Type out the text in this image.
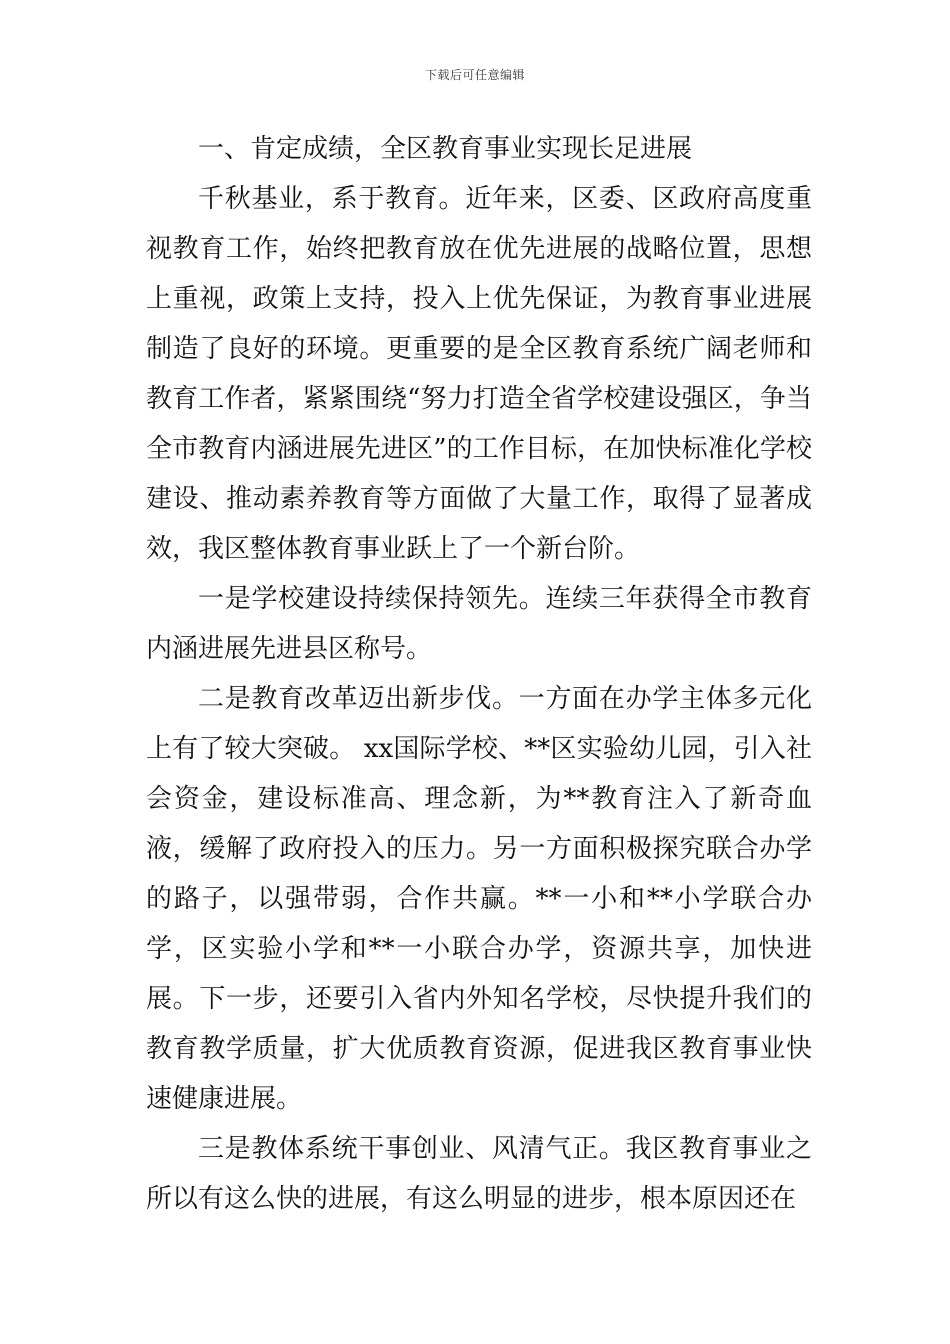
下载后可任意编辑

一、肯定成绩，全区教育事业实现长足进展

千秋基业，系于教育。近年来，区委、区政府高度重视教育工作，始终把教育放在优先进展的战略位置，思想上重视，政策上支持，投入上优先保证，为教育事业进展制造了良好的环境。更重要的是全区教育系统广阔老师和教育工作者，紧紧围绕“努力打造全省学校建设强区，争当全市教育内涵进展先进区”的工作目标，在加快标准化学校建设、推动素养教育等方面做了大量工作，取得了显著成效，我区整体教育事业跃上了一个新台阶。

一是学校建设持续保持领先。连续三年获得全市教育内涵进展先进县区称号。

二是教育改革迈出新步伐。一方面在办学主体多元化上有了较大突破。 xx国际学校、**区实验幼儿园，引入社会资金，建设标准高、理念新，为**教育注入了新奇血液，缓解了政府投入的压力。另一方面积极探究联合办学的路子，以强带弱，合作共赢。**一小和**小学联合办学，区实验小学和**一小联合办学，资源共享，加快进展。下一步，还要引入省内外知名学校，尽快提升我们的教育教学质量，扩大优质教育资源，促进我区教育事业快速健康进展。

三是教体系统干事创业、风清气正。我区教育事业之所以有这么快的进展，有这么明显的进步，根本原因还在
